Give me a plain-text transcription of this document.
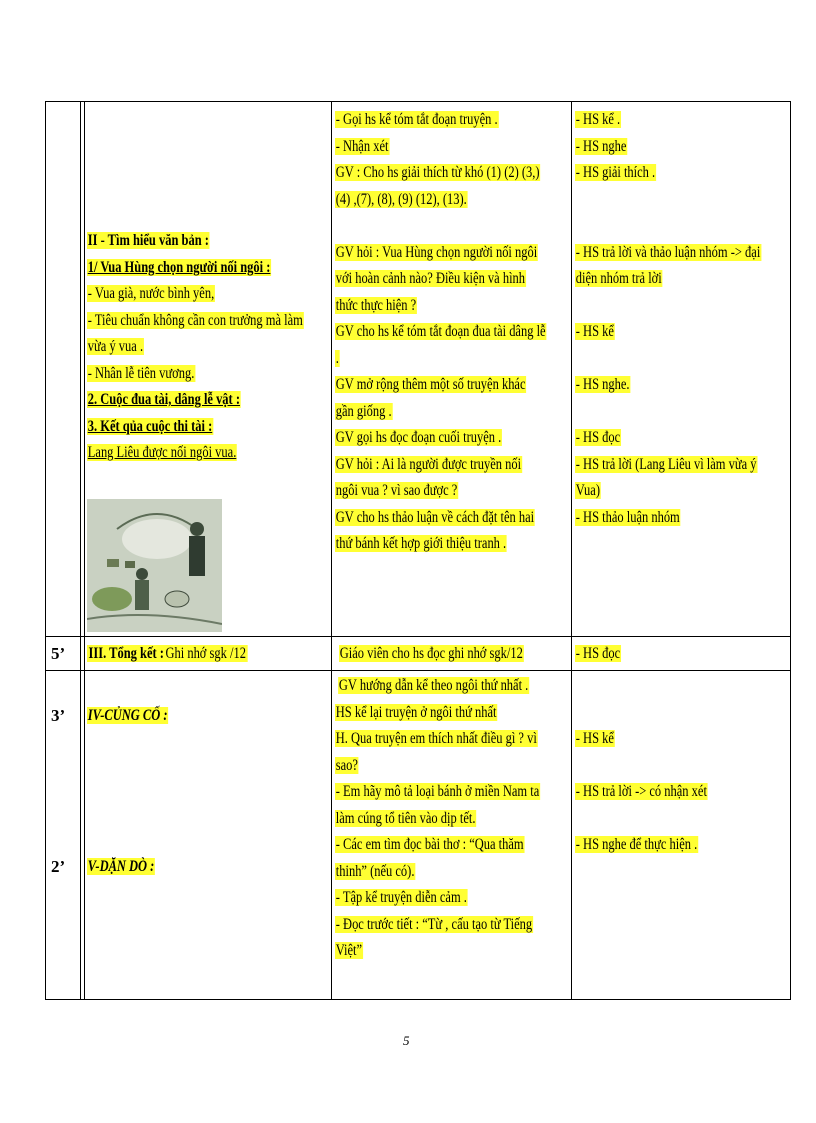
II - Tìm hiểu văn bản :
1/ Vua Hùng chọn người nối ngôi :
- Vua già, nước bình yên,
- Tiêu chuẩn không cần con trưởng mà làm
vừa ý vua .
- Nhân lễ tiên vương.
2. Cuộc đua tài, dâng lễ vật :
3. Kết qủa cuộc thi tài :
Lang Liêu được nối ngôi vua.
- Gọi hs kể tóm tắt đoạn truyện .
- Nhận xét
GV : Cho hs giải thích từ khó (1) (2) (3,)
(4) ,(7), (8), (9) (12), (13).

GV hỏi : Vua Hùng chọn người nối ngôi
với hoàn cảnh nào? Điều kiện và hình
thức thực hiện ?
GV cho hs kể tóm tắt đoạn đua tài dâng lễ
.
GV mở rộng thêm một số truyện khác
gần giống .
GV gọi hs đọc đoạn cuối truyện .
GV hỏi : Ai là người được truyền nối
ngôi vua ? vì sao được ?
GV cho hs thảo luận về cách đặt tên hai
thứ bánh kết hợp giới thiệu tranh .
- HS kể .
- HS nghe
- HS giải thích .

- HS trả lời và thảo luận nhóm -> đại
diện nhóm trả lời

- HS kể

- HS nghe.

- HS đọc
- HS trả lời (Lang Liêu vì làm vừa ý
Vua)
- HS thảo luận nhóm
5’ III. Tổng kết :Ghi nhớ sgk /12	Giáo viên cho hs đọc ghi nhớ sgk/12	- HS đọc
3’
2’
IV-CỦNG CỐ :
V-DẶN DÒ :
GV hướng dẫn kể theo ngôi thứ nhất .
HS kể lại truyện ở ngôi thứ nhất
H. Qua truyện em thích nhất điều gì ? vì
sao?
- Em hãy mô tả loại bánh ở miền Nam ta
làm cúng tổ tiên vào dịp tết.
- Các em tìm đọc bài thơ : “Qua thăm
thinh” (nếu có).
- Tập kể truyện diễn cảm .
- Đọc trước tiết : “Từ , cấu tạo từ Tiếng
Việt”
- HS kể

- HS trả lời -> có nhận xét

- HS nghe để thực hiện .
5
